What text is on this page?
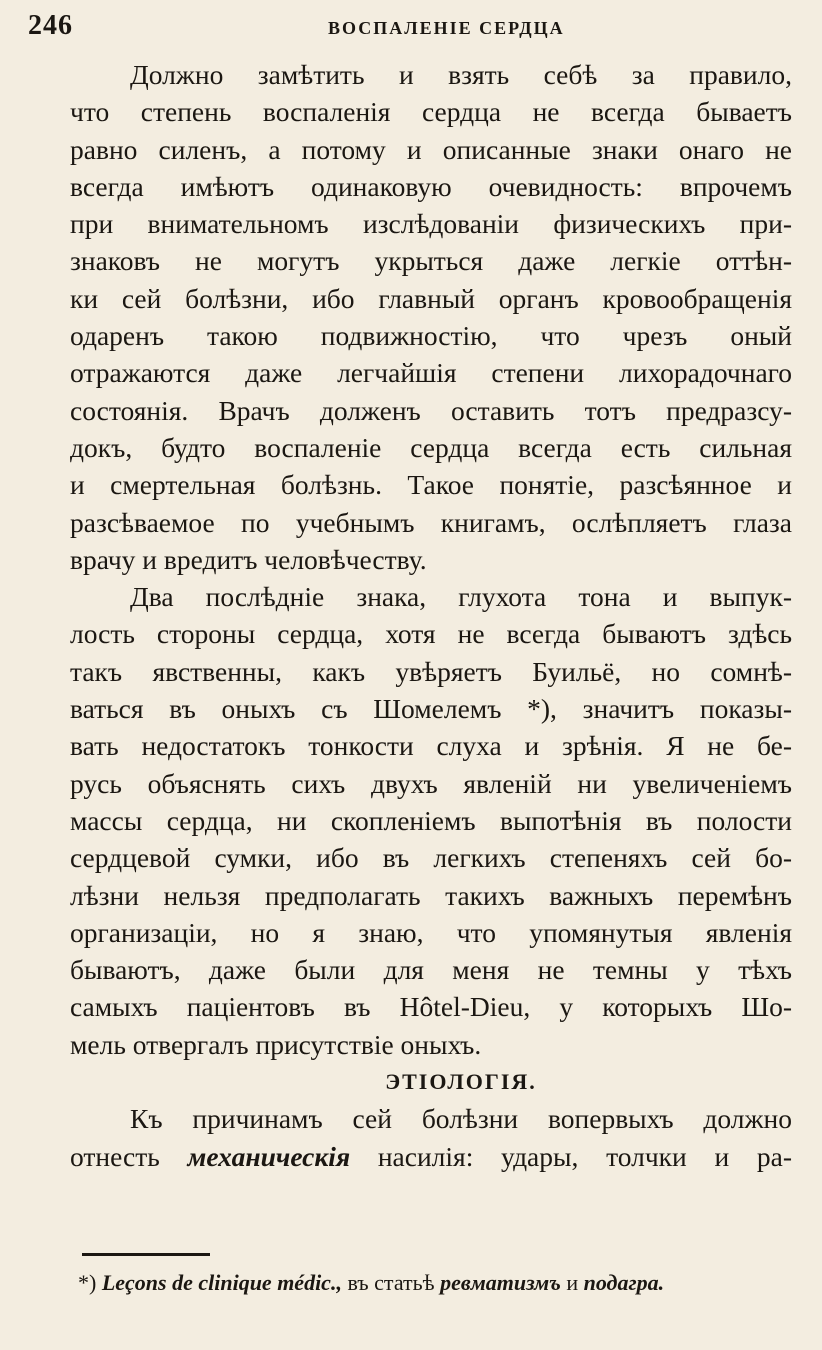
246	ВОСПАЛЕНІЕ СЕРДЦА
Должно замѣтить и взять себѣ за правило,
что степень воспаленія сердца не всегда бываетъ
равно силенъ, а потому и описанные знаки онаго не
всегда имѣютъ одинаковую очевидность: впрочемъ
при внимательномъ изслѣдованіи физическихъ при-
знаковъ не могутъ укрыться даже легкіе оттѣн-
ки сей болѣзни, ибо главный органъ кровообращенія
одаренъ такою подвижностію, что чрезъ оный
отражаются даже легчайшія степени лихорадочнаго
состоянія. Врачъ долженъ оставить тотъ предразсу-
докъ, будто воспаленіе сердца всегда есть сильная
и смертельная болѣзнь. Такое понятіе, разсѣянное и
разсѣваемое по учебнымъ книгамъ, ослѣпляетъ глаза
врачу и вредитъ человѣчеству.
Два послѣдніе знака, глухота тона и выпук-
лость стороны сердца, хотя не всегда бываютъ здѣсь
такъ явственны, какъ увѣряетъ Буильё, но сомнѣ-
ваться въ оныхъ съ Шомелемъ *), значитъ показы-
вать недостатокъ тонкости слуха и зрѣнія. Я не бе-
русь объяснять сихъ двухъ явленій ни увеличеніемъ
массы сердца, ни скопленіемъ выпотѣнія въ полости
сердцевой сумки, ибо въ легкихъ степеняхъ сей бо-
лѣзни нельзя предполагать такихъ важныхъ перемѣнъ
организаціи, но я знаю, что упомянутыя явленія
бываютъ, даже были для меня не темны у тѣхъ
самыхъ паціентовъ въ Hôtel-Dieu, у которыхъ Шо-
мель отвергалъ присутствіе оныхъ.
ЭТІОЛОГІЯ.
Къ причинамъ сей болѣзни вопервыхъ должно
отнесть механическія насилія: удары, толчки и ра-
*) Leçons de clinique médic., въ статьѣ ревматизмъ и подагра.
